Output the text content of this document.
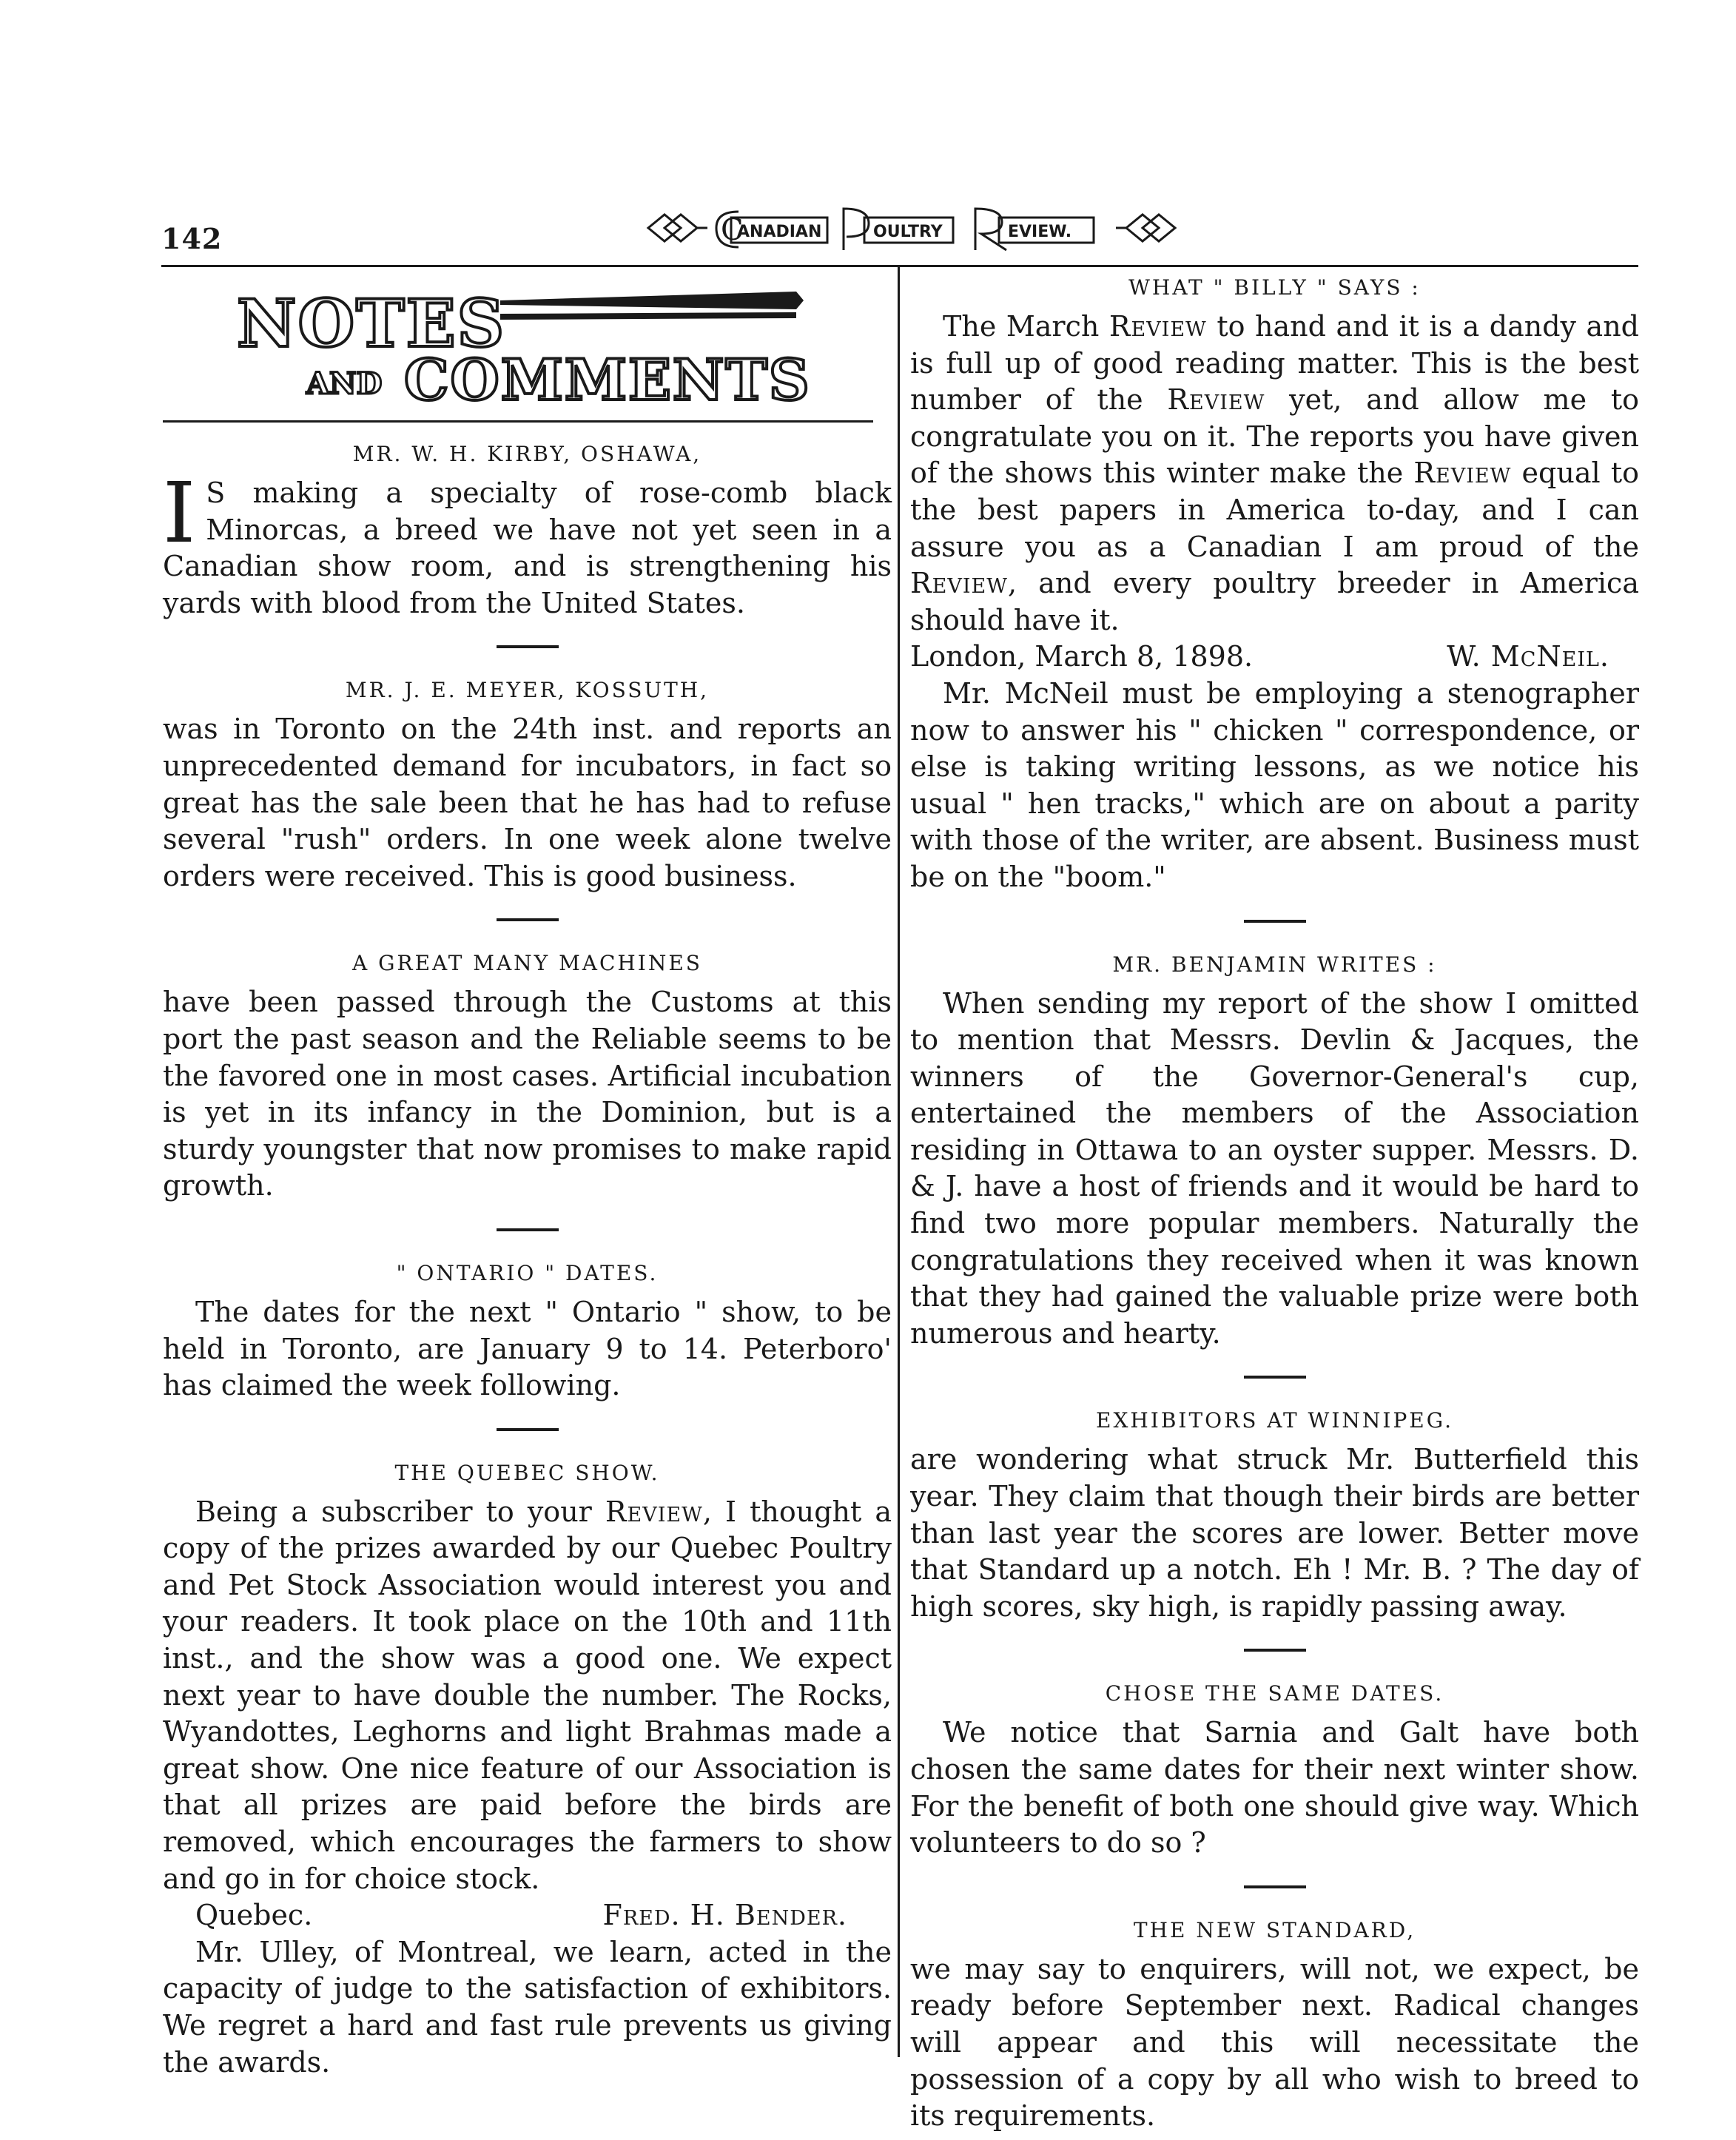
142	C
ANADIAN	OULTRY	EVIEW.
NOTES
AND COMMENTS
MR. W. H. KIRBY, OSHAWA,

I S making a specialty of rose-comb black Minorcas, a breed we have not yet seen in a Canadian show room, and is strengthening his yards with blood from the United States.

MR. J. E. MEYER, KOSSUTH,

was in Toronto on the 24th inst. and reports an unprecedented demand for incubators, in fact so great has the sale been that he has had to refuse several "rush" orders. In one week alone twelve orders were received. This is good business.

A GREAT MANY MACHINES

have been passed through the Customs at this port the past season and the Reliable seems to be the favored one in most cases. Artificial incubation is yet in its infancy in the Dominion, but is a sturdy youngster that now promises to make rapid growth.

" ONTARIO " DATES.

The dates for the next " Ontario " show, to be held in Toronto, are January 9 to 14. Peterboro' has claimed the week following.

THE QUEBEC SHOW.

Being a subscriber to your Review, I thought a copy of the prizes awarded by our Quebec Poultry and Pet Stock Association would interest you and your readers. It took place on the 10th and 11th inst., and the show was a good one. We expect next year to have double the number. The Rocks, Wyandottes, Leghorns and light Brahmas made a great show. One nice feature of our Association is that all prizes are paid before the birds are removed, which encourages the farmers to show and go in for choice stock.

Quebec.	Fred. H. Bender.

Mr. Ulley, of Montreal, we learn, acted in the capacity of judge to the satisfaction of exhibitors. We regret a hard and fast rule prevents us giving the awards.

WHAT " BILLY " SAYS :

The March Review to hand and it is a dandy and is full up of good reading matter. This is the best number of the Review yet, and allow me to congratulate you on it. The reports you have given of the shows this winter make the Review equal to the best papers in America to-day, and I can assure you as a Canadian I am proud of the Review, and every poultry breeder in America should have it.

London, March 8, 1898.	W. McNeil.

Mr. McNeil must be employing a stenographer now to answer his " chicken " correspondence, or else is taking writing lessons, as we notice his usual " hen tracks," which are on about a parity with those of the writer, are absent. Business must be on the "boom."

MR. BENJAMIN WRITES :

When sending my report of the show I omitted to mention that Messrs. Devlin & Jacques, the winners of the Governor-General's cup, entertained the members of the Association residing in Ottawa to an oyster supper. Messrs. D. & J. have a host of friends and it would be hard to find two more popular members. Naturally the congratulations they received when it was known that they had gained the valuable prize were both numerous and hearty.

EXHIBITORS AT WINNIPEG.

are wondering what struck Mr. Butterfield this year. They claim that though their birds are better than last year the scores are lower. Better move that Standard up a notch. Eh ! Mr. B. ? The day of high scores, sky high, is rapidly passing away.

CHOSE THE SAME DATES.

We notice that Sarnia and Galt have both chosen the same dates for their next winter show. For the benefit of both one should give way. Which volunteers to do so ?

THE NEW STANDARD,

we may say to enquirers, will not, we expect, be ready before September next. Radical changes will appear and this will necessitate the possession of a copy by all who wish to breed to its requirements.
